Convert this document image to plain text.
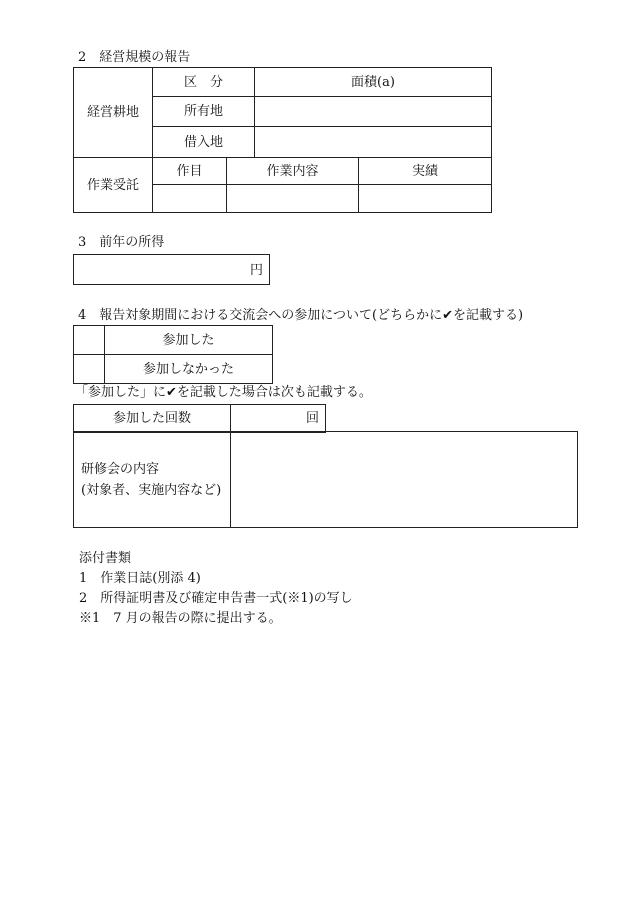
2　経営規模の報告
経営耕地	区　分	面積(a)
	所有地	
	借入地	
作業受託	作目	作業内容	実績

3　前年の所得
円
4　報告対象期間における交流会への参加について(どちらかに✔を記載する)
	参加した
	参加しなかった
「参加した」に✔を記載した場合は次も記載する。
参加した回数	回
研修会の内容
(対象者、実施内容など)

添付書類
1　作業日誌(別添 4)
2　所得証明書及び確定申告書一式(※1)の写し
※1　7 月の報告の際に提出する。
